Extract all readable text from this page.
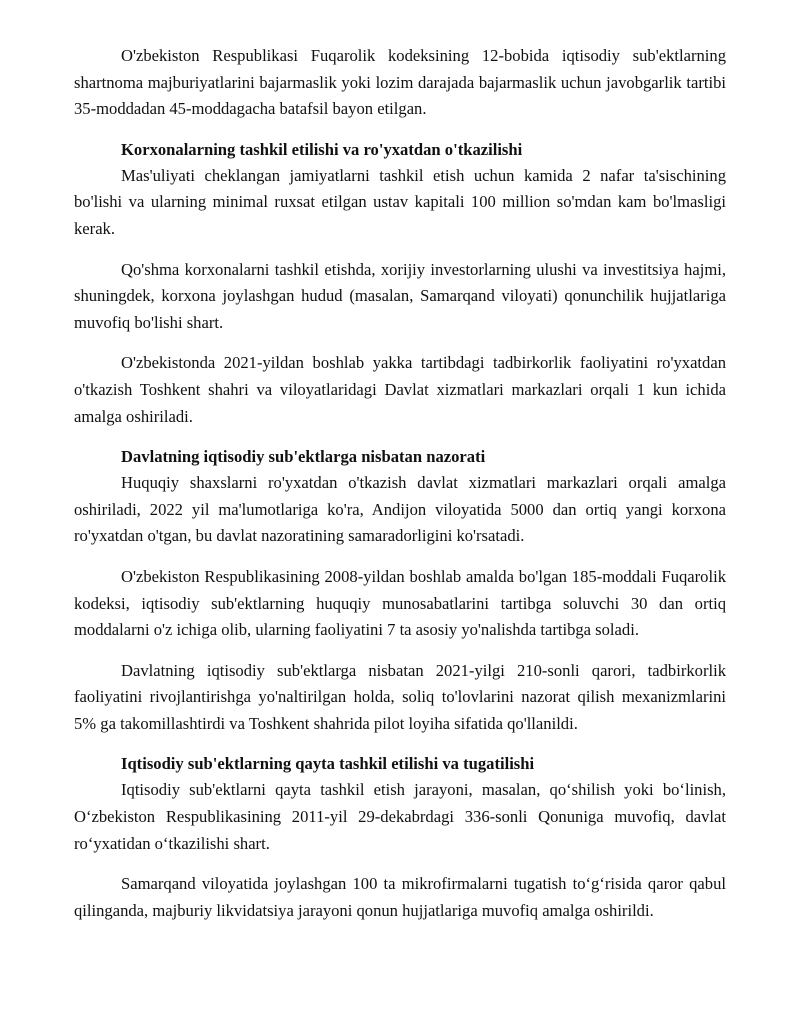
O'zbekiston Respublikasi Fuqarolik kodeksining 12-bobida iqtisodiy sub'ektlarning shartnoma majburiyatlarini bajarmaslik yoki lozim darajada bajarmaslik uchun javobgarlik tartibi 35-moddadan 45-moddagacha batafsil bayon etilgan.

Korxonalarning tashkil etilishi va ro'yxatdan o'tkazilishi

Mas'uliyati cheklangan jamiyatlarni tashkil etish uchun kamida 2 nafar ta'sischining bo'lishi va ularning minimal ruxsat etilgan ustav kapitali 100 million so'mdan kam bo'lmasligi kerak.

Qo'shma korxonalarni tashkil etishda, xorijiy investorlarning ulushi va investitsiya hajmi, shuningdek, korxona joylashgan hudud (masalan, Samarqand viloyati) qonunchilik hujjatlariga muvofiq bo'lishi shart.

O'zbekistonda 2021-yildan boshlab yakka tartibdagi tadbirkorlik faoliyatini ro'yxatdan o'tkazish Toshkent shahri va viloyatlaridagi Davlat xizmatlari markazlari orqali 1 kun ichida amalga oshiriladi.

Davlatning iqtisodiy sub'ektlarga nisbatan nazorati

Huquqiy shaxslarni ro'yxatdan o'tkazish davlat xizmatlari markazlari orqali amalga oshiriladi, 2022 yil ma'lumotlariga ko'ra, Andijon viloyatida 5000 dan ortiq yangi korxona ro'yxatdan o'tgan, bu davlat nazoratining samaradorligini ko'rsatadi.

O'zbekiston Respublikasining 2008-yildan boshlab amalda bo'lgan 185-moddali Fuqarolik kodeksi, iqtisodiy sub'ektlarning huquqiy munosabatlarini tartibga soluvchi 30 dan ortiq moddalarni o'z ichiga olib, ularning faoliyatini 7 ta asosiy yo'nalishda tartibga soladi.

Davlatning iqtisodiy sub'ektlarga nisbatan 2021-yilgi 210-sonli qarori, tadbirkorlik faoliyatini rivojlantirishga yo'naltirilgan holda, soliq to'lovlarini nazorat qilish mexanizmlarini 5% ga takomillashtirdi va Toshkent shahrida pilot loyiha sifatida qo'llanildi.

Iqtisodiy sub'ektlarning qayta tashkil etilishi va tugatilishi

Iqtisodiy sub'ektlarni qayta tashkil etish jarayoni, masalan, qo‘shilish yoki bo‘linish, O‘zbekiston Respublikasining 2011-yil 29-dekabrdagi 336-sonli Qonuniga muvofiq, davlat ro‘yxatidan o‘tkazilishi shart.

Samarqand viloyatida joylashgan 100 ta mikrofirmalarni tugatish to‘g‘risida qaror qabul qilinganda, majburiy likvidatsiya jarayoni qonun hujjatlariga muvofiq amalga oshirildi.
